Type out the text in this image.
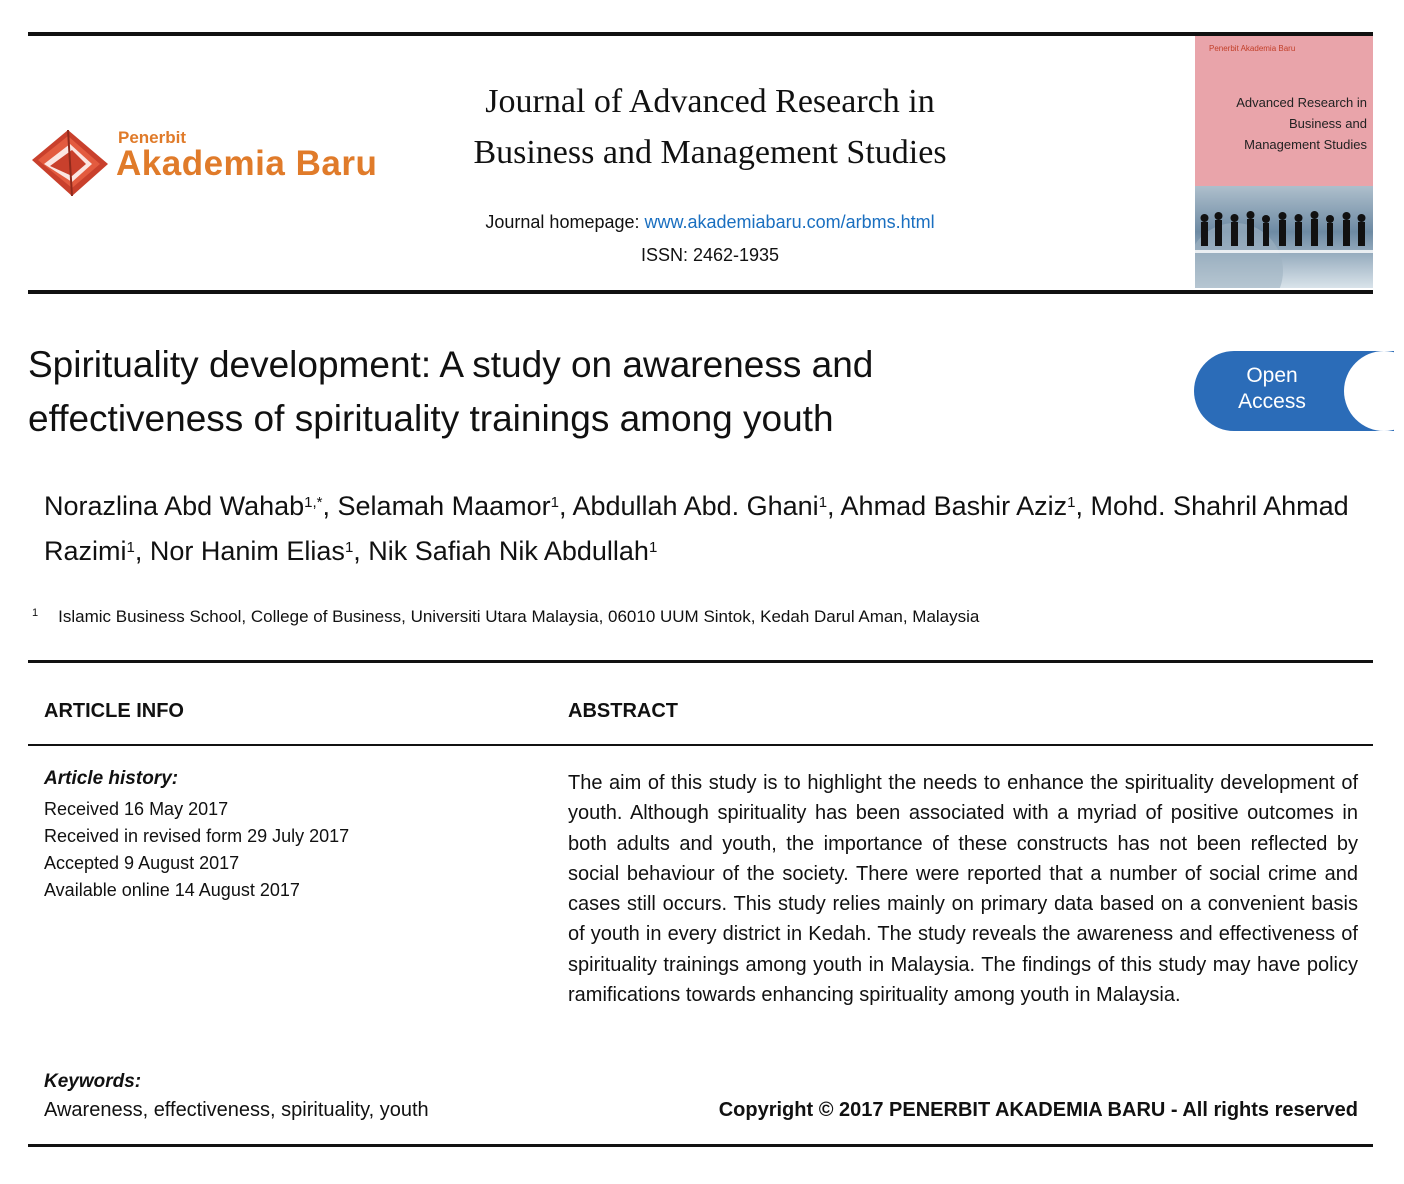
Penerbit
Akademia Baru
Journal of Advanced Research in
Business and Management Studies
Journal homepage: www.akademiabaru.com/arbms.html
ISSN: 2462-1935
Penerbit Akademia Baru
Advanced Research in
Business and
Management Studies
Spirituality development: A study on awareness and
effectiveness of spirituality trainings among youth
Open
Access
Norazlina Abd Wahab$^{1,*}$, Selamah Maamor$^1$, Abdullah Abd. Ghani$^1$, Ahmad Bashir Aziz$^1$, Mohd. Shahril Ahmad Razimi$^1$, Nor Hanim Elias$^1$, Nik Safiah Nik Abdullah$^1$
$^1$ Islamic Business School, College of Business, Universiti Utara Malaysia, 06010 UUM Sintok, Kedah Darul Aman, Malaysia
ARTICLE INFO	ABSTRACT
Article history:
Received 16 May 2017
Received in revised form 29 July 2017
Accepted 9 August 2017
Available online 14 August 2017
Keywords:
Awareness, effectiveness, spirituality, youth
The aim of this study is to highlight the needs to enhance the spirituality development of youth. Although spirituality has been associated with a myriad of positive outcomes in both adults and youth, the importance of these constructs has not been reflected by social behaviour of the society. There were reported that a number of social crime and cases still occurs. This study relies mainly on primary data based on a convenient basis of youth in every district in Kedah. The study reveals the awareness and effectiveness of spirituality trainings among youth in Malaysia. The findings of this study may have policy ramifications towards enhancing spirituality among youth in Malaysia.
Copyright © 2017 PENERBIT AKADEMIA BARU - All rights reserved
